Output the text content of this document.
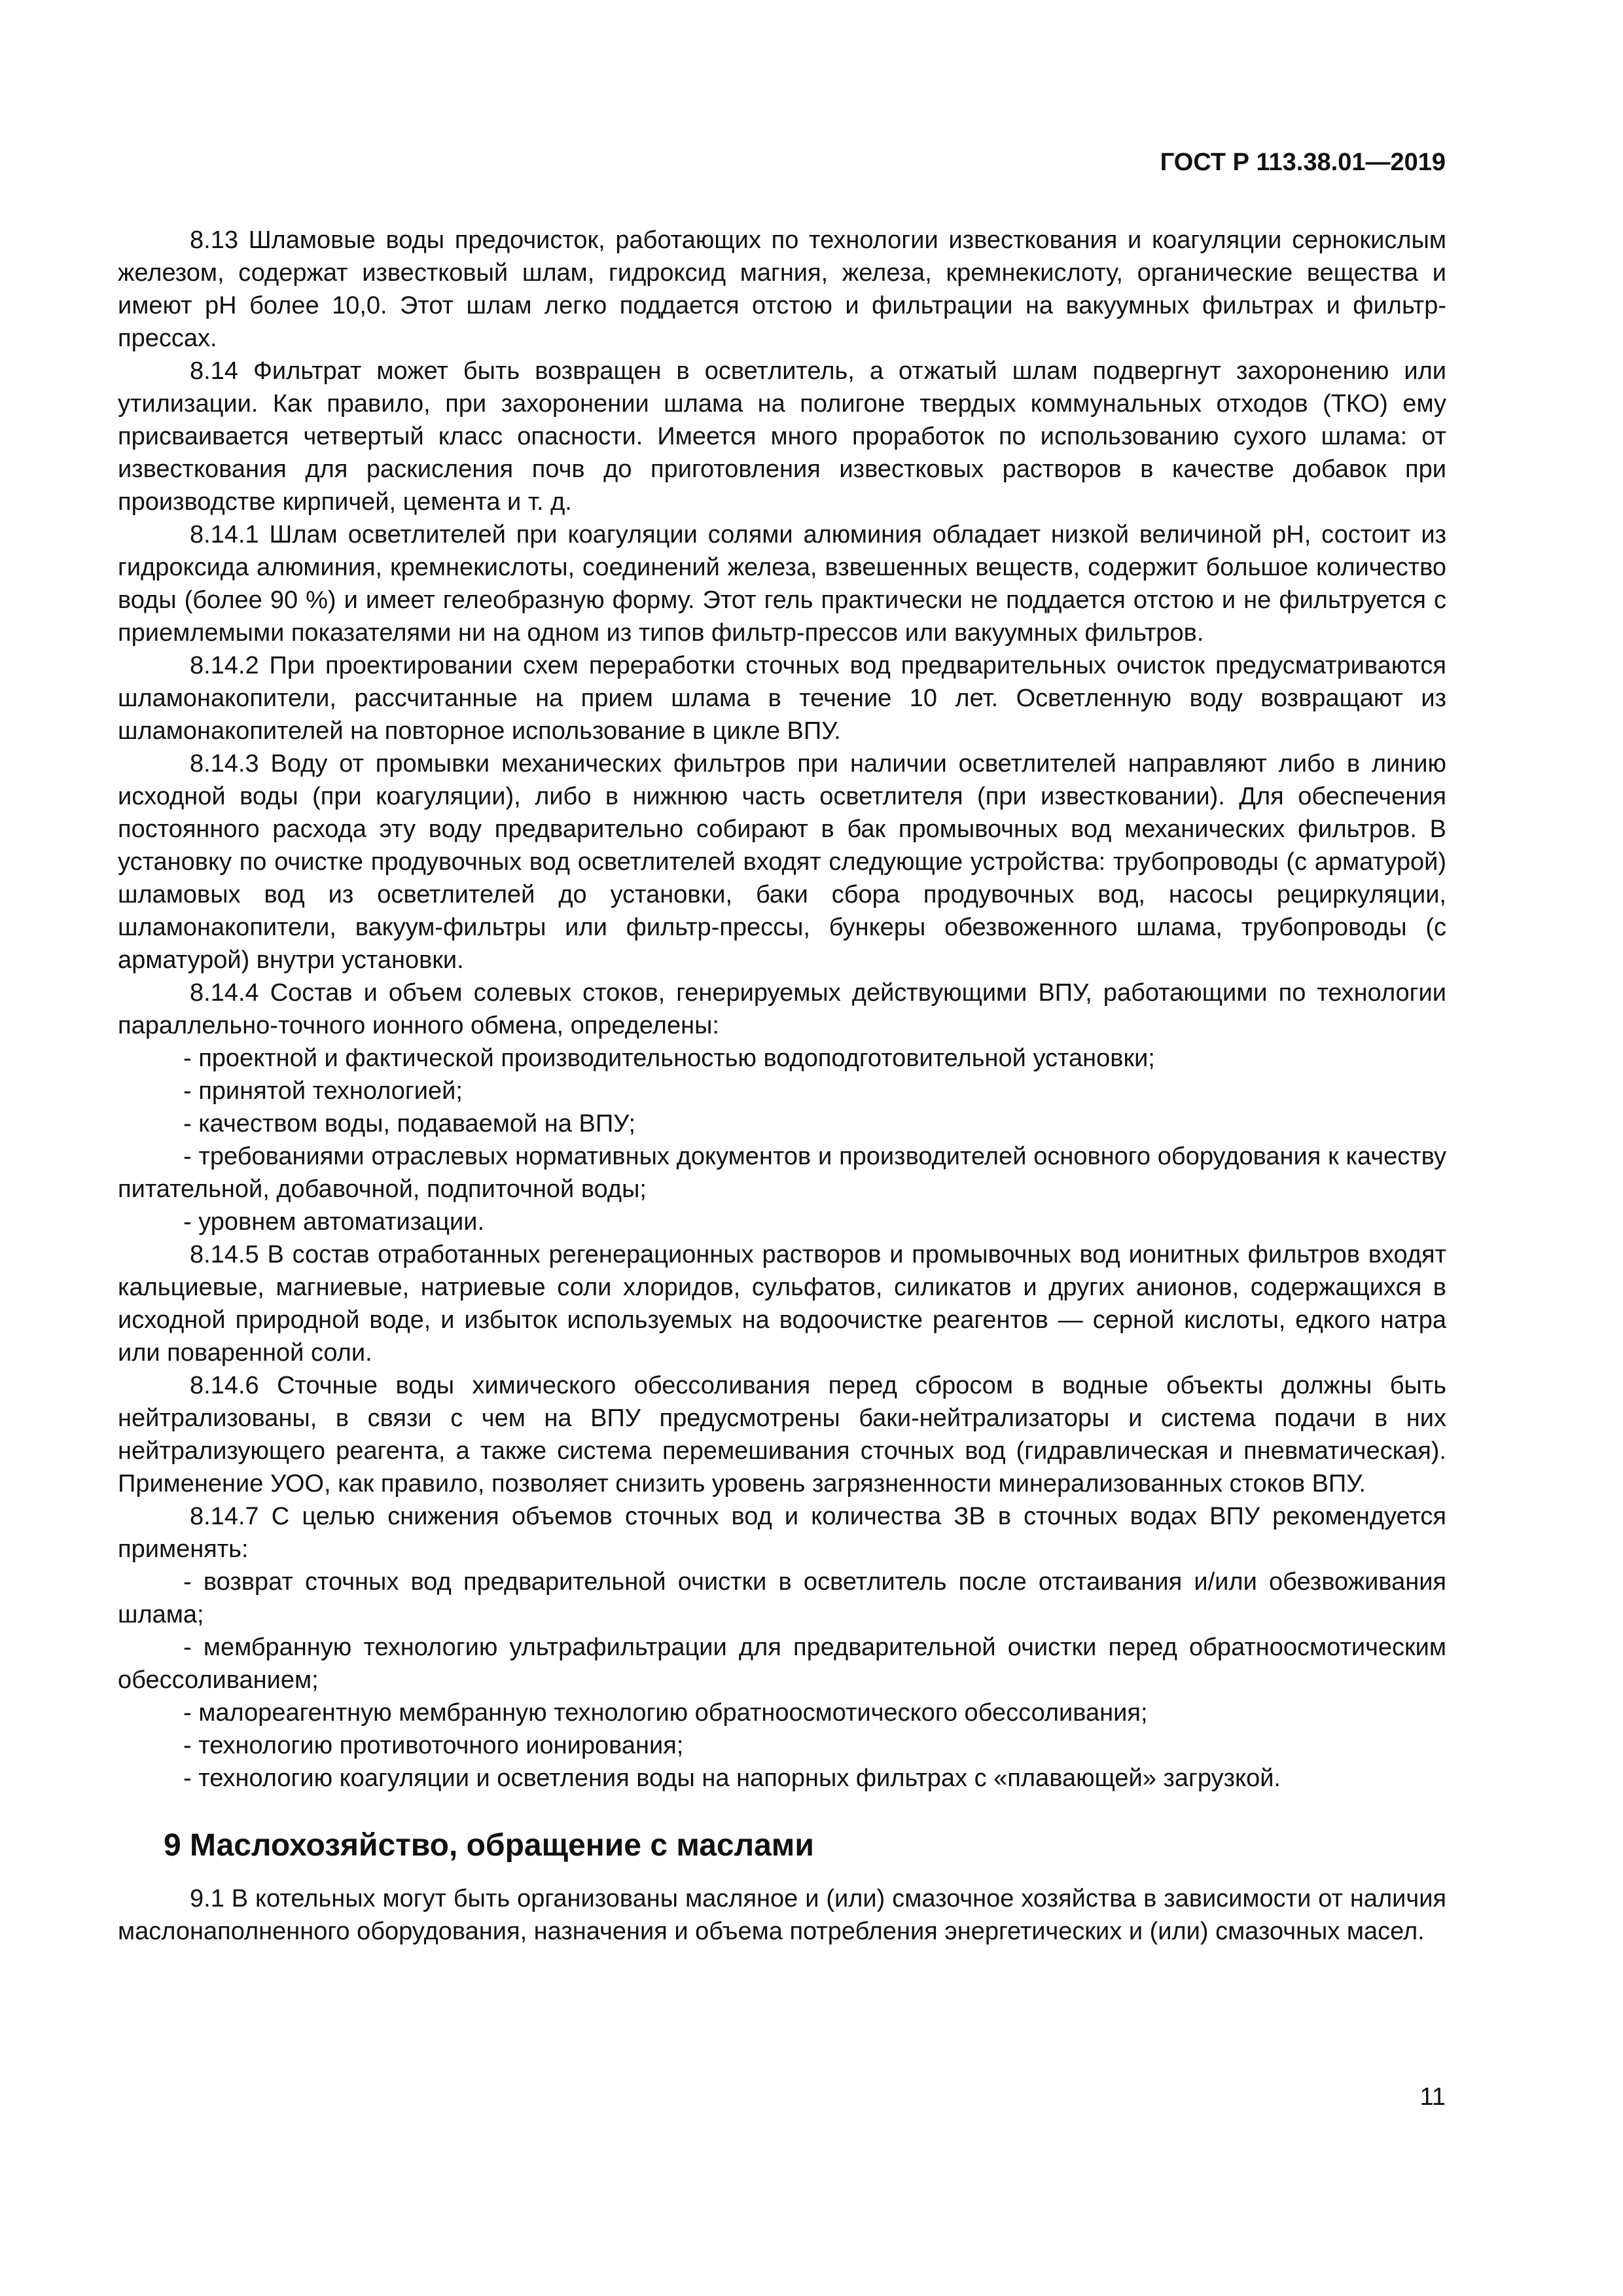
ГОСТ Р 113.38.01—2019

8.13 Шламовые воды предочисток, работающих по технологии известкования и коагуляции сернокислым железом, содержат известковый шлам, гидроксид магния, железа, кремнекислоту, органические вещества и имеют рН более 10,0. Этот шлам легко поддается отстою и фильтрации на вакуумных фильтрах и фильтр-прессах.

8.14 Фильтрат может быть возвращен в осветлитель, а отжатый шлам подвергнут захоронению или утилизации. Как правило, при захоронении шлама на полигоне твердых коммунальных отходов (ТКО) ему присваивается четвертый класс опасности. Имеется много проработок по использованию сухого шлама: от известкования для раскисления почв до приготовления известковых растворов в качестве добавок при производстве кирпичей, цемента и т. д.

8.14.1 Шлам осветлителей при коагуляции солями алюминия обладает низкой величиной рН, состоит из гидроксида алюминия, кремнекислоты, соединений железа, взвешенных веществ, содержит большое количество воды (более 90 %) и имеет гелеобразную форму. Этот гель практически не поддается отстою и не фильтруется с приемлемыми показателями ни на одном из типов фильтр-прессов или вакуумных фильтров.

8.14.2 При проектировании схем переработки сточных вод предварительных очисток предусматриваются шламонакопители, рассчитанные на прием шлама в течение 10 лет. Осветленную воду возвращают из шламонакопителей на повторное использование в цикле ВПУ.

8.14.3 Воду от промывки механических фильтров при наличии осветлителей направляют либо в линию исходной воды (при коагуляции), либо в нижнюю часть осветлителя (при известковании). Для обеспечения постоянного расхода эту воду предварительно собирают в бак промывочных вод механических фильтров. В установку по очистке продувочных вод осветлителей входят следующие устройства: трубопроводы (с арматурой) шламовых вод из осветлителей до установки, баки сбора продувочных вод, насосы рециркуляции, шламонакопители, вакуум-фильтры или фильтр-прессы, бункеры обезвоженного шлама, трубопроводы (с арматурой) внутри установки.

8.14.4 Состав и объем солевых стоков, генерируемых действующими ВПУ, работающими по технологии параллельно-точного ионного обмена, определены:

- проектной и фактической производительностью водоподготовительной установки;

- принятой технологией;

- качеством воды, подаваемой на ВПУ;

- требованиями отраслевых нормативных документов и производителей основного оборудования к качеству питательной, добавочной, подпиточной воды;

- уровнем автоматизации.

8.14.5 В состав отработанных регенерационных растворов и промывочных вод ионитных фильтров входят кальциевые, магниевые, натриевые соли хлоридов, сульфатов, силикатов и других анионов, содержащихся в исходной природной воде, и избыток используемых на водоочистке реагентов — серной кислоты, едкого натра или поваренной соли.

8.14.6 Сточные воды химического обессоливания перед сбросом в водные объекты должны быть нейтрализованы, в связи с чем на ВПУ предусмотрены баки-нейтрализаторы и система подачи в них нейтрализующего реагента, а также система перемешивания сточных вод (гидравлическая и пневматическая). Применение УОО, как правило, позволяет снизить уровень загрязненности минерализованных стоков ВПУ.

8.14.7 С целью снижения объемов сточных вод и количества ЗВ в сточных водах ВПУ рекомендуется применять:

- возврат сточных вод предварительной очистки в осветлитель после отстаивания и/или обезвоживания шлама;

- мембранную технологию ультрафильтрации для предварительной очистки перед обратноосмотическим обессоливанием;

- малореагентную мембранную технологию обратноосмотического обессоливания;

- технологию противоточного ионирования;

- технологию коагуляции и осветления воды на напорных фильтрах с «плавающей» загрузкой.

9 Маслохозяйство, обращение с маслами

9.1 В котельных могут быть организованы масляное и (или) смазочное хозяйства в зависимости от наличия маслонаполненного оборудования, назначения и объема потребления энергетических и (или) смазочных масел.

11
